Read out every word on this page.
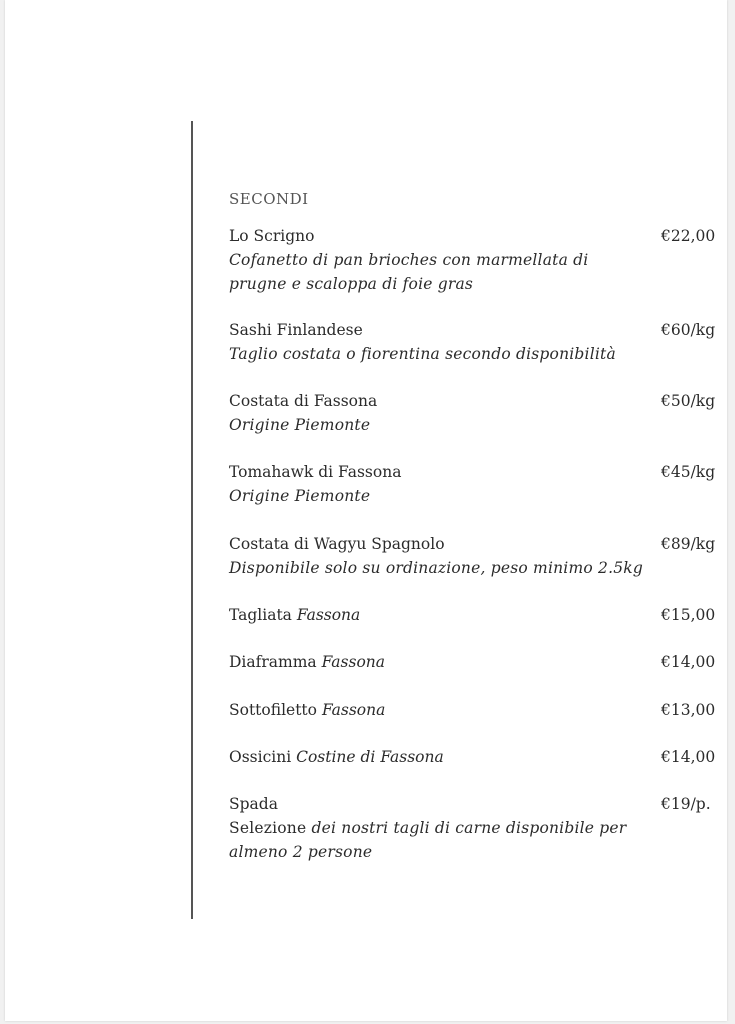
SECONDI
Lo Scrigno	€22,00
Cofanetto di pan brioches con marmellata di prugne e scaloppa di foie gras
Sashi Finlandese	€60/kg
Taglio costata o fiorentina secondo disponibilità
Costata di Fassona	€50/kg
Origine Piemonte
Tomahawk di Fassona	€45/kg
Origine Piemonte
Costata di Wagyu Spagnolo	€89/kg
Disponibile solo su ordinazione, peso minimo 2.5kg
Tagliata Fassona	€15,00
Diaframma Fassona	€14,00
Sottofiletto Fassona	€13,00
Ossicini Costine di Fassona	€14,00
Spada	€19/p.
Selezione dei nostri tagli di carne disponibile per almeno 2 persone
